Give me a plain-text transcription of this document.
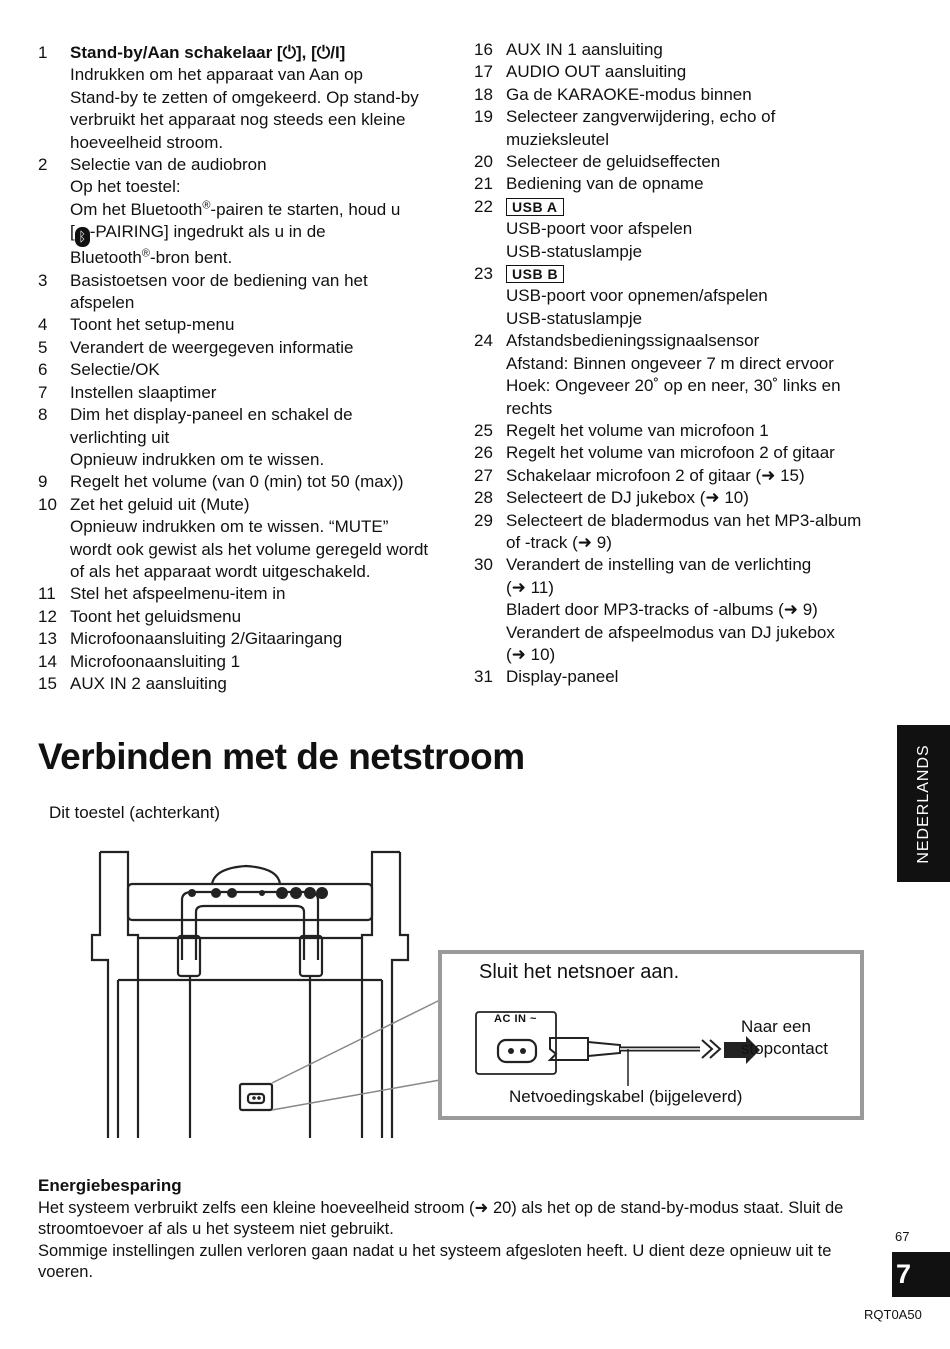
1	Stand-by/Aan schakelaar [⏻], [⏻/I]
Indrukken om het apparaat van Aan op
Stand-by te zetten of omgekeerd. Op stand-by
verbruikt het apparaat nog steeds een kleine
hoeveelheid stroom.
2	Selectie van de audiobron
Op het toestel:
Om het Bluetooth®-pairen te starten, houd u
[ ᛒ -PAIRING] ingedrukt als u in de
Bluetooth®-bron bent.
3	Basistoetsen voor de bediening van het
afspelen
4	Toont het setup-menu
5	Verandert de weergegeven informatie
6	Selectie/OK
7	Instellen slaaptimer
8	Dim het display-paneel en schakel de
verlichting uit
Opnieuw indrukken om te wissen.
9	Regelt het volume (van 0 (min) tot 50 (max))
10 Zet het geluid uit (Mute)
Opnieuw indrukken om te wissen. “MUTE”
wordt ook gewist als het volume geregeld wordt
of als het apparaat wordt uitgeschakeld.
11 Stel het afspeelmenu-item in
12 Toont het geluidsmenu
13 Microfoonaansluiting 2/Gitaaringang
14 Microfoonaansluiting 1
15 AUX IN 2 aansluiting
16 AUX IN 1 aansluiting
17 AUDIO OUT aansluiting
18 Ga de KARAOKE-modus binnen
19 Selecteer zangverwijdering, echo of
muzieksleutel
20 Selecteer de geluidseffecten
21 Bediening van de opname
22	USB A
USB-poort voor afspelen
USB-statuslampje
23	USB B
USB-poort voor opnemen/afspelen
USB-statuslampje
24 Afstandsbedieningssignaalsensor
Afstand: Binnen ongeveer 7 m direct ervoor
Hoek: Ongeveer 20˚ op en neer, 30˚ links en
rechts
25 Regelt het volume van microfoon 1
26 Regelt het volume van microfoon 2 of gitaar
27 Schakelaar microfoon 2 of gitaar (➜ 15)
28 Selecteert de DJ jukebox (➜ 10)
29 Selecteert de bladermodus van het MP3-album
of -track (➜ 9)
30 Verandert de instelling van de verlichting
(➜ 11)
Bladert door MP3-tracks of -albums (➜ 9)
Verandert de afspeelmodus van DJ jukebox
(➜ 10)
31 Display-paneel
Verbinden met de netstroom	NEDERLANDS
Dit toestel (achterkant)
Sluit het netsnoer aan.
AC IN ~	Naar een
stopcontact
Netvoedingskabel (bijgeleverd)
Energiebesparing

Het systeem verbruikt zelfs een kleine hoeveelheid stroom (➜ 20) als het op de stand-by-modus staat. Sluit de stroomtoevoer af als u het systeem niet gebruikt.

Sommige instellingen zullen verloren gaan nadat u het systeem afgesloten heeft. U dient deze opnieuw uit te voeren.

67
7
RQT0A50
